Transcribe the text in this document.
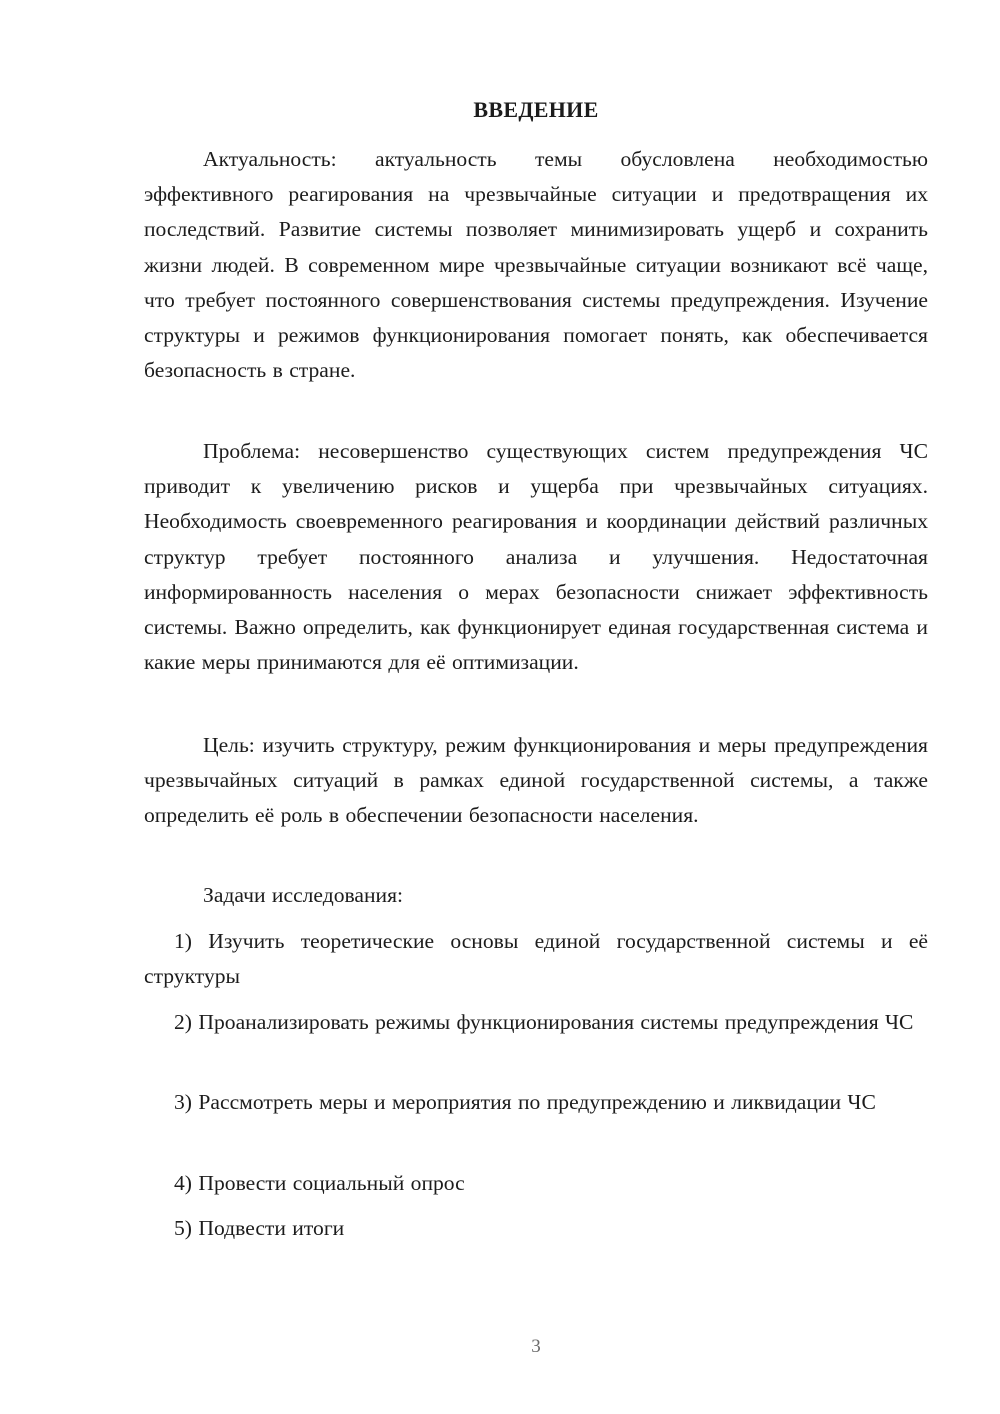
ВВЕДЕНИЕ

Актуальность: актуальность темы обусловлена необходимостью эффективного реагирования на чрезвычайные ситуации и предотвращения их последствий. Развитие системы позволяет минимизировать ущерб и сохранить жизни людей. В современном мире чрезвычайные ситуации возникают всё чаще, что требует постоянного совершенствования системы предупреждения. Изучение структуры и режимов функционирования помогает понять, как обеспечивается безопасность в стране.

Проблема: несовершенство существующих систем предупреждения ЧС приводит к увеличению рисков и ущерба при чрезвычайных ситуациях. Необходимость своевременного реагирования и координации действий различных структур требует постоянного анализа и улучшения. Недостаточная информированность населения о мерах безопасности снижает эффективность системы. Важно определить, как функционирует единая государственная система и какие меры принимаются для её оптимизации.

Цель: изучить структуру, режим функционирования и меры предупреждения чрезвычайных ситуаций в рамках единой государственной системы, а также определить её роль в обеспечении безопасности населения.

Задачи исследования:

1) Изучить теоретические основы единой государственной системы и её структуры

2) Проанализировать режимы функционирования системы предупреждения ЧС

3) Рассмотреть меры и мероприятия по предупреждению и ликвидации ЧС

4) Провести социальный опрос

5) Подвести итоги

3
